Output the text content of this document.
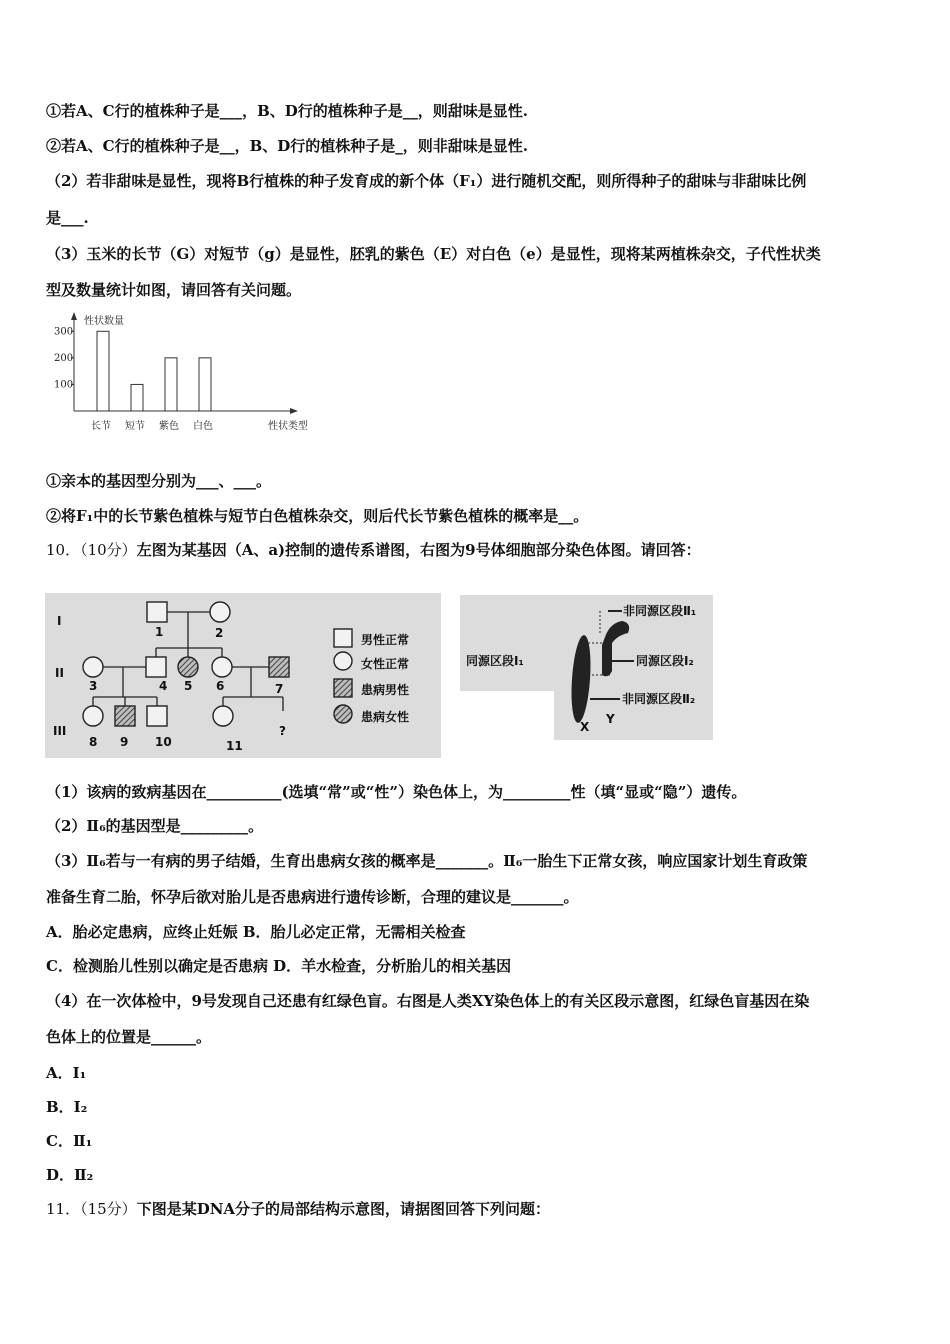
①若A、C行的植株种子是___，B、D行的植株种子是__，则甜味是显性.
②若A、C行的植株种子是__，B、D行的植株种子是_，则非甜味是显性.
（2）若非甜味是显性，现将B行植株的种子发育成的新个体（F₁）进行随机交配，则所得种子的甜味与非甜味比例
是___.
（3）玉米的长节（G）对短节（g）是显性，胚乳的紫色（E）对白色（e）是显性，现将某两植株杂交，子代性状类
型及数量统计如图，请回答有关问题。
性状数量
100
200
300
长节 短节 紫色 白色	性状类型
①亲本的基因型分别为___、___。
②将F₁中的长节紫色植株与短节白色植株杂交，则后代长节紫色植株的概率是__。
10．（10分）左图为某基因（A、a)控制的遗传系谱图，右图为9号体细胞部分染色体图。请回答：
I
II
III
1	2
3	4 5 6	7
8 9 10	11
?
男性正常
女性正常
患病男性
患病女性
同源区段I₁
非同源区段Ⅱ₁
同源区段I₂
非同源区段Ⅱ₂
X
Y
（1）该病的致病基因在__________(选填“常”或“性”）染色体上，为_________性（填“显或“隐”）遗传。
（2）Ⅱ₆的基因型是_________。
（3）Ⅱ₆若与一有病的男子结婚，生育出患病女孩的概率是_______。Ⅱ₆一胎生下正常女孩，响应国家计划生育政策
准备生育二胎，怀孕后欲对胎儿是否患病进行遗传诊断，合理的建议是_______。
A．胎必定患病，应终止妊娠 B．胎儿必定正常，无需相关检查
C．检测胎儿性别以确定是否患病 D．羊水检查，分析胎儿的相关基因
（4）在一次体检中，9号发现自己还患有红绿色盲。右图是人类XY染色体上的有关区段示意图，红绿色盲基因在染
色体上的位置是______。
A．I₁
B．I₂
C．Ⅱ₁
D．Ⅱ₂
11．（15分）下图是某DNA分子的局部结构示意图，请据图回答下列问题：
